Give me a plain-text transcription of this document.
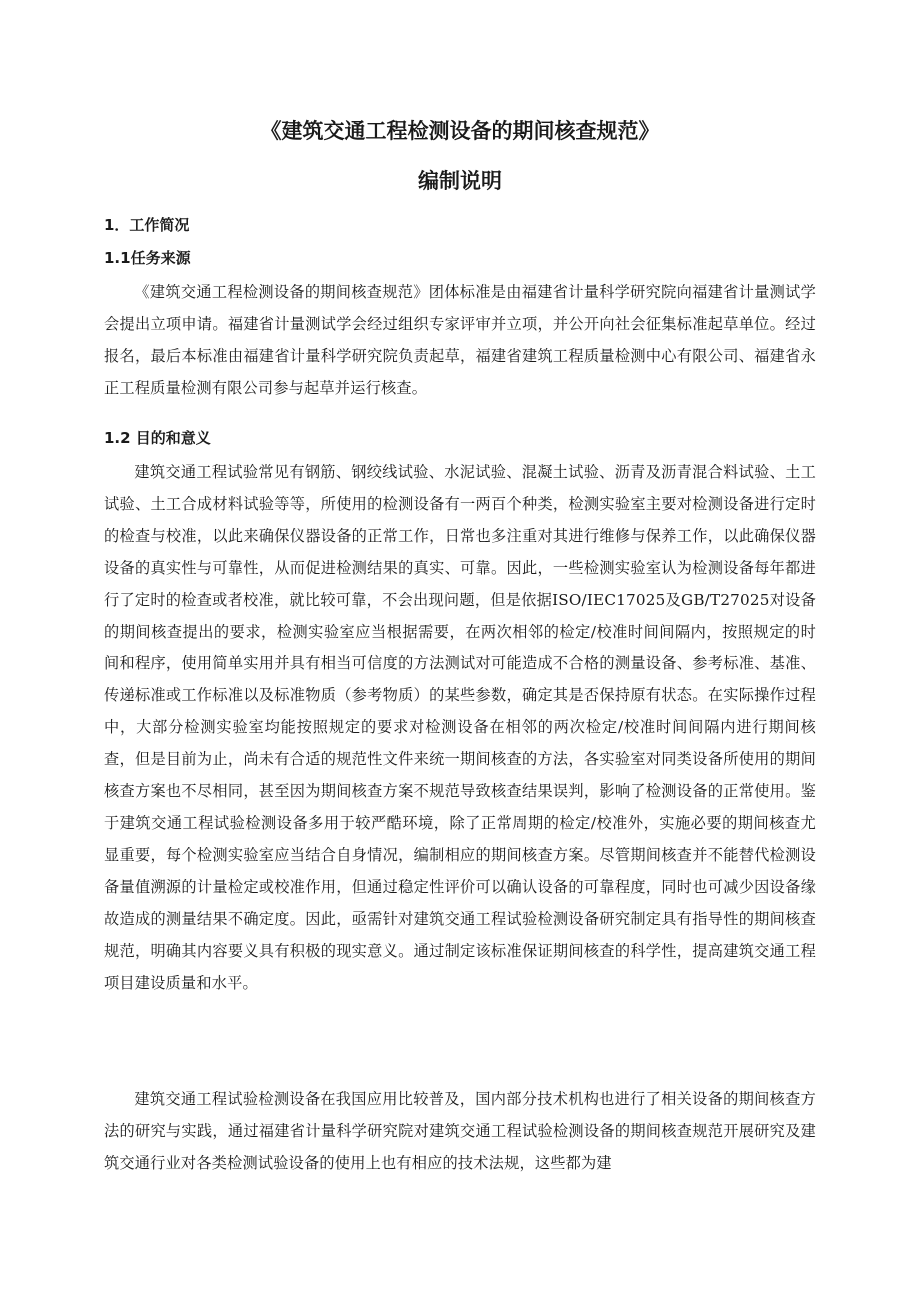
《建筑交通工程检测设备的期间核查规范》
编制说明
1．工作简况
1.1任务来源

《建筑交通工程检测设备的期间核查规范》团体标准是由福建省计量科学研究院向福建省计量测试学会提出立项申请。福建省计量测试学会经过组织专家评审并立项，并公开向社会征集标准起草单位。经过报名，最后本标准由福建省计量科学研究院负责起草，福建省建筑工程质量检测中心有限公司、福建省永正工程质量检测有限公司参与起草并运行核查。

1.2 目的和意义

建筑交通工程试验常见有钢筋、钢绞线试验、水泥试验、混凝土试验、沥青及沥青混合料试验、土工试验、土工合成材料试验等等，所使用的检测设备有一两百个种类，检测实验室主要对检测设备进行定时的检查与校准，以此来确保仪器设备的正常工作，日常也多注重对其进行维修与保养工作，以此确保仪器设备的真实性与可靠性，从而促进检测结果的真实、可靠。因此，一些检测实验室认为检测设备每年都进行了定时的检查或者校准，就比较可靠，不会出现问题，但是依据ISO/IEC17025及GB/T27025对设备的期间核查提出的要求，检测实验室应当根据需要，在两次相邻的检定/校准时间间隔内，按照规定的时间和程序，使用简单实用并具有相当可信度的方法测试对可能造成不合格的测量设备、参考标准、基准、传递标准或工作标准以及标准物质（参考物质）的某些参数，确定其是否保持原有状态。在实际操作过程中，大部分检测实验室均能按照规定的要求对检测设备在相邻的两次检定/校准时间间隔内进行期间核查，但是目前为止，尚未有合适的规范性文件来统一期间核查的方法，各实验室对同类设备所使用的期间核查方案也不尽相同，甚至因为期间核查方案不规范导致核查结果误判，影响了检测设备的正常使用。鉴于建筑交通工程试验检测设备多用于较严酷环境，除了正常周期的检定/校准外，实施必要的期间核查尤显重要，每个检测实验室应当结合自身情况，编制相应的期间核查方案。尽管期间核查并不能替代检测设备量值溯源的计量检定或校准作用，但通过稳定性评价可以确认设备的可靠程度，同时也可减少因设备缘故造成的测量结果不确定度。因此，亟需针对建筑交通工程试验检测设备研究制定具有指导性的期间核查规范，明确其内容要义具有积极的现实意义。通过制定该标准保证期间核查的科学性，提高建筑交通工程项目建设质量和水平。

建筑交通工程试验检测设备在我国应用比较普及，国内部分技术机构也进行了相关设备的期间核查方法的研究与实践，通过福建省计量科学研究院对建筑交通工程试验检测设备的期间核查规范开展研究及建筑交通行业对各类检测试验设备的使用上也有相应的技术法规，这些都为建
